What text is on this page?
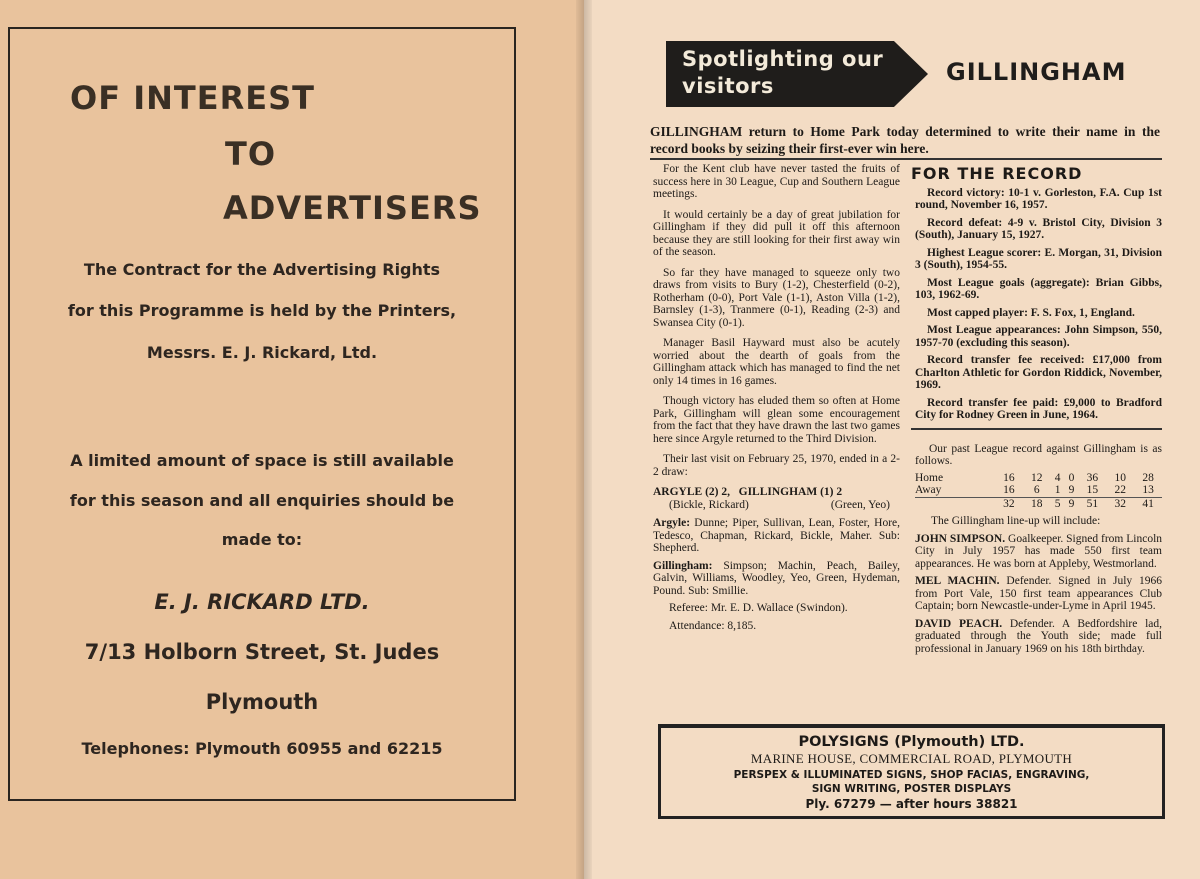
OF INTEREST
TO
ADVERTISERS
The Contract for the Advertising Rights
for this Programme is held by the Printers,
Messrs. E. J. Rickard, Ltd.
A limited amount of space is still available
for this season and all enquiries should be
made to:
E. J. RICKARD LTD.
7/13 Holborn Street, St. Judes
Plymouth
Telephones: Plymouth 60955 and 62215
Spotlighting our
visitors	GILLINGHAM
GILLINGHAM return to Home Park today determined to write their name in the record books by seizing their first-ever win here.

For the Kent club have never tasted the fruits of success here in 30 League, Cup and Southern League meetings.

It would certainly be a day of great jubilation for Gillingham if they did pull it off this afternoon because they are still looking for their first away win of the season.

So far they have managed to squeeze only two draws from visits to Bury (1-2), Chesterfield (0-2), Rotherham (0-0), Port Vale (1-1), Aston Villa (1-2), Barnsley (1-3), Tranmere (0-1), Reading (2-3) and Swansea City (0-1).

Manager Basil Hayward must also be acutely worried about the dearth of goals from the Gillingham attack which has managed to find the net only 14 times in 16 games.

Though victory has eluded them so often at Home Park, Gillingham will glean some encouragement from the fact that they have drawn the last two games here since Argyle returned to the Third Division.

Their last visit on February 25, 1970, ended in a 2-2 draw:

ARGYLE (2) 2, GILLINGHAM (1) 2
(Bickle, Rickard)	(Green, Yeo)
Argyle: Dunne; Piper, Sullivan, Lean, Foster, Hore, Tedesco, Chapman, Rickard, Bickle, Maher. Sub: Shepherd.
Gillingham: Simpson; Machin, Peach, Bailey, Galvin, Williams, Woodley, Yeo, Green, Hydeman, Pound. Sub: Smillie.
Referee: Mr. E. D. Wallace (Swindon).
Attendance: 8,185.
FOR THE RECORD
Record victory: 10-1 v. Gorleston, F.A. Cup 1st round, November 16, 1957.
Record defeat: 4-9 v. Bristol City, Division 3 (South), January 15, 1927.
Highest League scorer: E. Morgan, 31, Division 3 (South), 1954-55.
Most League goals (aggregate): Brian Gibbs, 103, 1962-69.
Most capped player: F. S. Fox, 1, England.
Most League appearances: John Simpson, 550, 1957-70 (excluding this season).
Record transfer fee received: £17,000 from Charlton Athletic for Gordon Riddick, November, 1969.
Record transfer fee paid: £9,000 to Bradford City for Rodney Green in June, 1964.
Our past League record against Gillingham is as follows.
Home	16	12	4	0	36	10	28
Away	16	6	1	9	15	22	13
	32	18	5	9	51	32	41
The Gillingham line-up will include:

JOHN SIMPSON. Goalkeeper. Signed from Lincoln City in July 1957 has made 550 first team appearances. He was born at Appleby, Westmorland.

MEL MACHIN. Defender. Signed in July 1966 from Port Vale, 150 first team appearances Club Captain; born Newcastle-under-Lyme in April 1945.

DAVID PEACH. Defender. A Bedfordshire lad, graduated through the Youth side; made full professional in January 1969 on his 18th birthday.

POLYSIGNS (Plymouth) LTD.
MARINE HOUSE, COMMERCIAL ROAD, PLYMOUTH
PERSPEX & ILLUMINATED SIGNS, SHOP FACIAS, ENGRAVING,
SIGN WRITING, POSTER DISPLAYS
Ply. 67279 — after hours 38821
